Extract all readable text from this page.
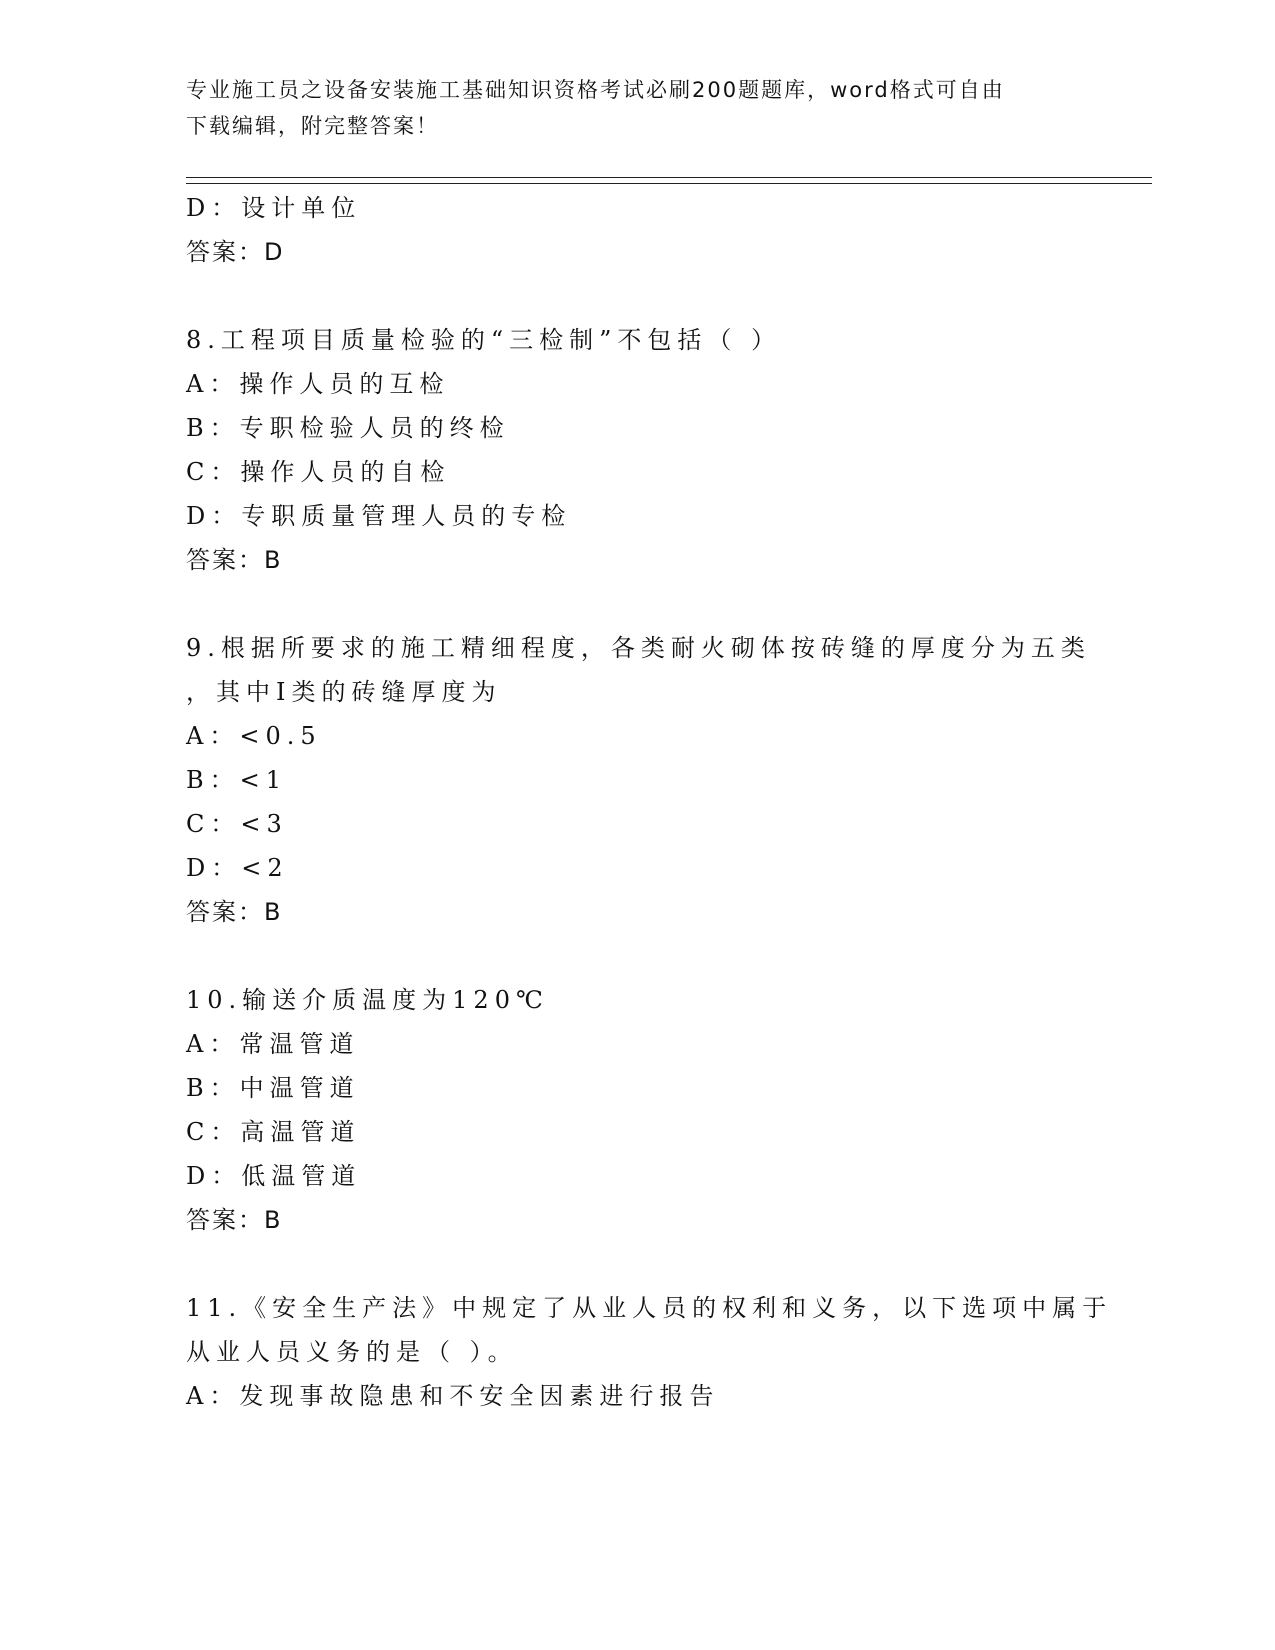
专业施工员之设备安装施工基础知识资格考试必刷200题题库，word格式可自由
下载编辑，附完整答案！
D：设计单位
答案：D
8.工程项目质量检验的“三检制”不包括（ ）
A：操作人员的互检
B：专职检验人员的终检
C：操作人员的自检
D：专职质量管理人员的专检
答案：B
9.根据所要求的施工精细程度，各类耐火砌体按砖缝的厚度分为五类
，其中Ⅰ类的砖缝厚度为
A：<0.5
B：<1
C：<3
D：<2
答案：B
10.输送介质温度为120℃
A：常温管道
B：中温管道
C：高温管道
D：低温管道
答案：B
11.《安全生产法》中规定了从业人员的权利和义务，以下选项中属于
从业人员义务的是（ ）。
A：发现事故隐患和不安全因素进行报告
